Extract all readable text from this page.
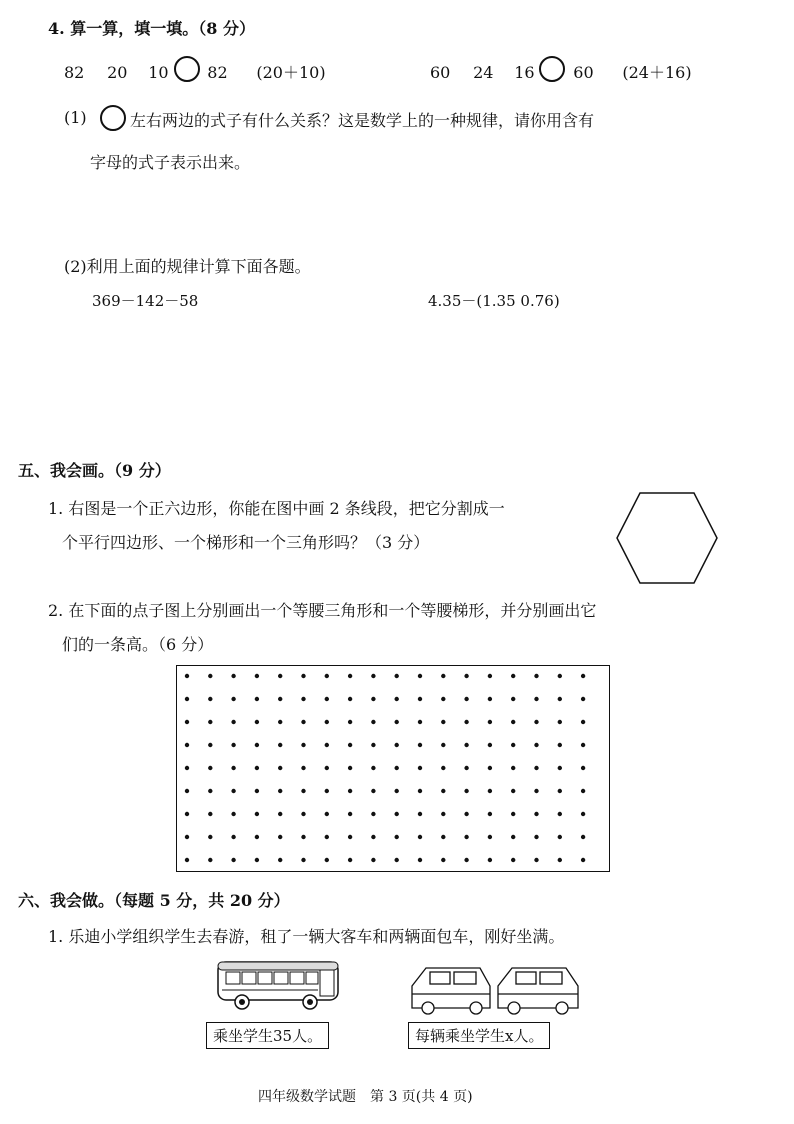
4. 算一算，填一填。（8 分）
82 20 10 82 (20＋10)	60 24 16 60 (24＋16)
(1)	左右两边的式子有什么关系？这是数学上的一种规律，请你用含有
字母的式子表示出来。
(2)利用上面的规律计算下面各题。
369－142－58	4.35－(1.35 0.76)
五、我会画。（9 分）
1. 右图是一个正六边形，你能在图中画 2 条线段，把它分割成一
个平行四边形、一个梯形和一个三角形吗？（3 分）
2. 在下面的点子图上分别画出一个等腰三角形和一个等腰梯形，并分别画出它
们的一条高。（6 分）
六、我会做。（每题 5 分，共 20 分）
1. 乐迪小学组织学生去春游，租了一辆大客车和两辆面包车，刚好坐满。
乘坐学生35人。	每辆乘坐学生x人。
四年级数学试题　第 3 页(共 4 页)
